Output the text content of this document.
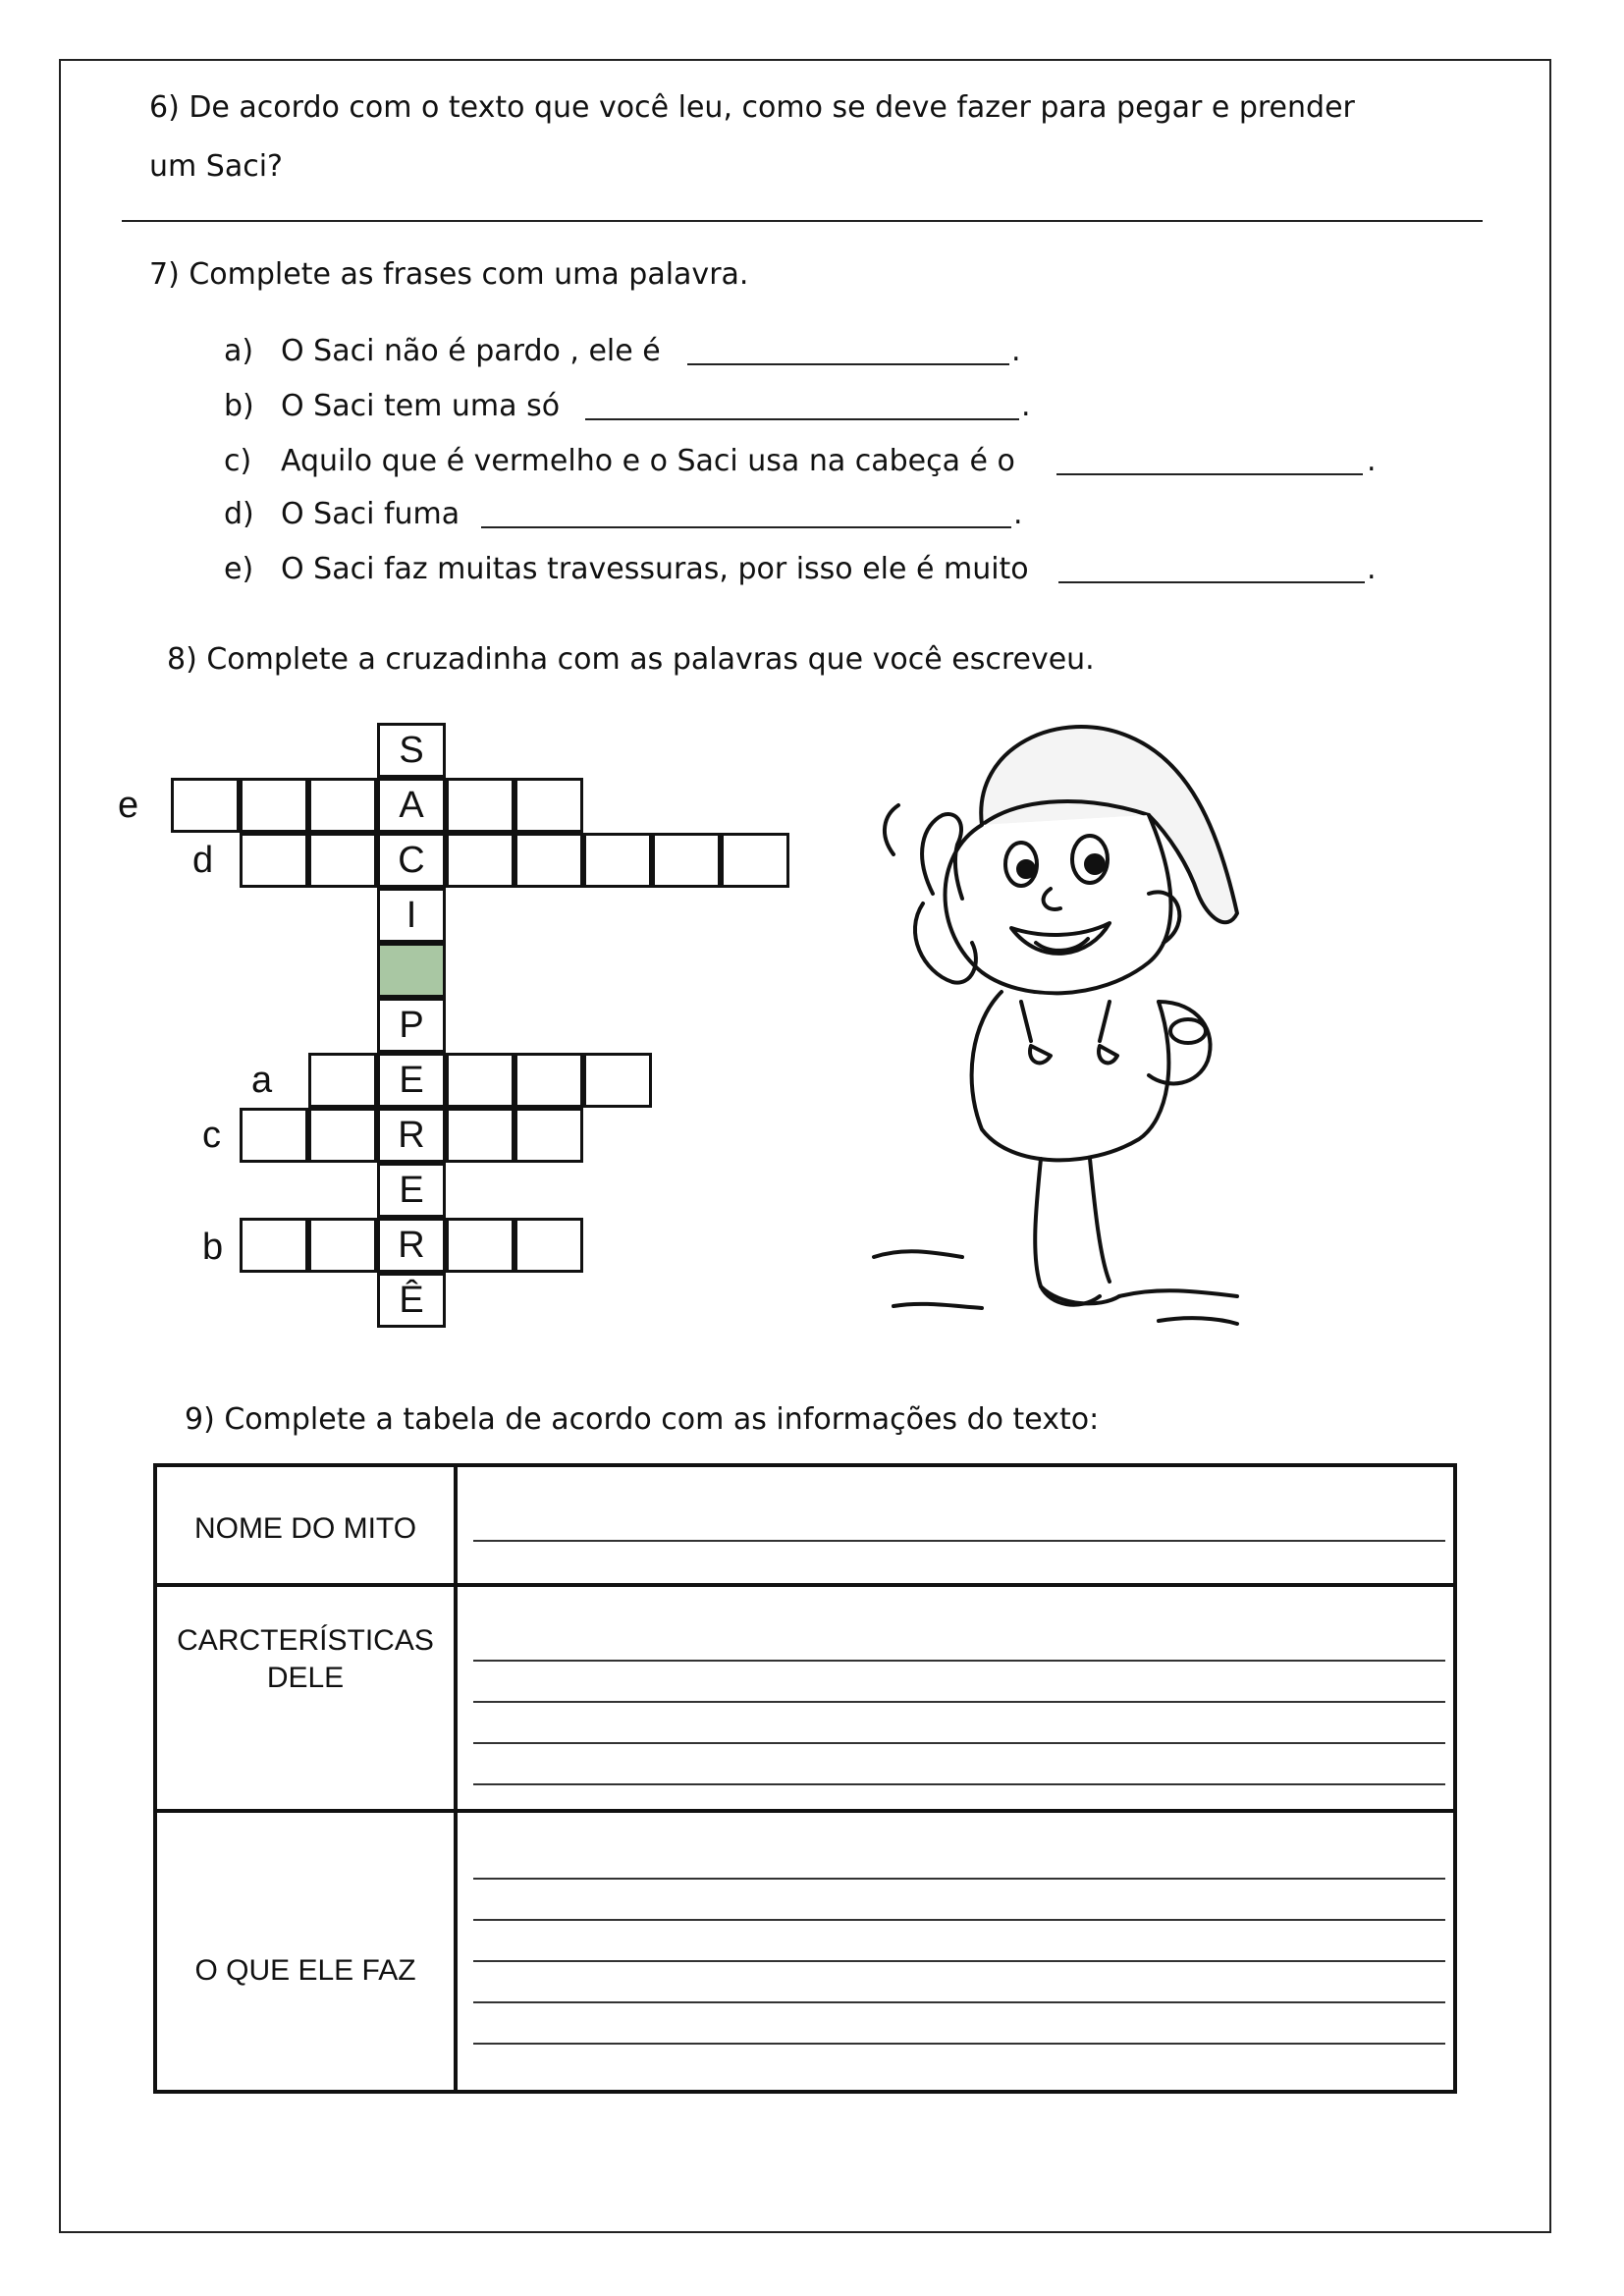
6) De acordo com o texto que você leu, como se deve fazer para pegar e prender
um Saci?
7) Complete as frases com uma palavra.
a) O Saci não é pardo , ele é	.
b) O Saci tem uma só	.
c) Aquilo que é vermelho e o Saci usa na cabeça é o	.
d) O Saci fuma	.
e) O Saci faz muitas travessuras, por isso ele é muito	.
8) Complete a cruzadinha com as palavras que você escreveu.
S
A
C
I
P
E
R
E
R
Ê
e
d
a
c
b
9) Complete a tabela de acordo com as informações do texto:
NOME DO MITO
CARCTERÍSTICAS
DELE
O QUE ELE FAZ
